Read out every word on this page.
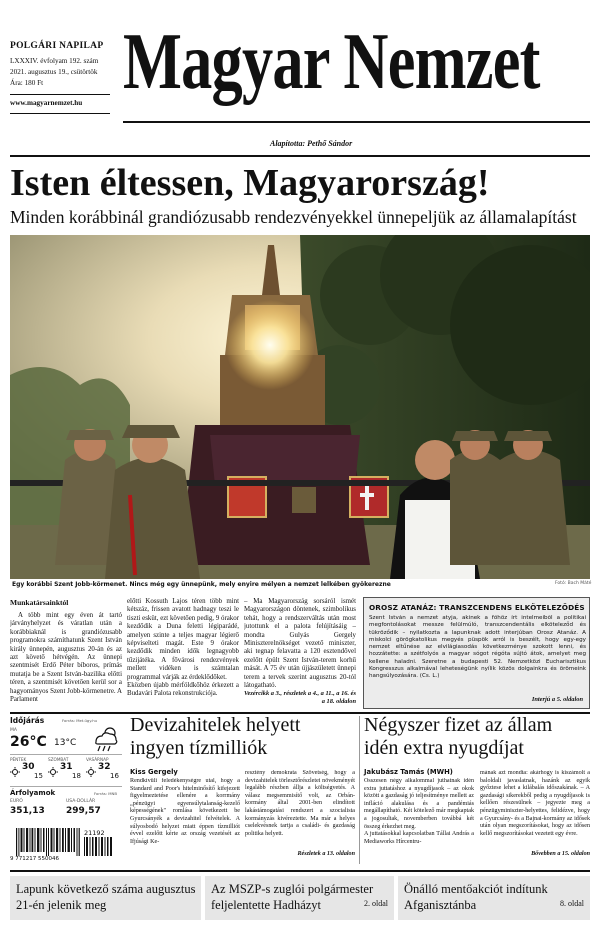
POLGÁRI NAPILAP
LXXXIV. évfolyam 192. szám
2021. augusztus 19., csütörtök
Ára: 180 Ft
www.magyarnemzet.hu Magyar Nemzet
Alapította: Pethő Sándor
Isten éltessen, Magyarország!
Minden korábbinál grandiózusabb rendezvényekkel ünnepeljük az államalapítást
Egy korábbi Szent Jobb-körmenet. Nincs még egy ünnepünk, mely enyire mélyen a nemzet lelkében gyökerezne	Fotó: Bach Máté
Munkatársainktól

A több mint egy éven át tartó járványhelyzet és váratlan után a korábbiaknál is grandiózusabb programokra számíthatunk Szent István király ünnepén, augusztus 20-án és az azt követő hétvégén. Az ünnepi szentmisét Erdő Péter bíboros, prímás mutatja be a Szent István-bazilika előtti téren, a szentmisét követően kerül sor a hagyományos Szent Jobb-körmenetre. A Parlament

előtti Kossuth Lajos téren több mint kétszáz, frissen avatott hadnagy teszi le tiszti esküt, ezt követően pedig, 9 órakor kezdődik a Duna feletti légiparádé, amelyen szinte a teljes magyar légierő képviselteti magát. Este 9 órakor kezdődik minden idők legnagyobb tűzijátéka. A fővárosi rendezvények mellett vidéken is számtalan programmal várják az érdeklődőket.
Eközben újabb mérföldkőhöz érkezett a Budavári Palota rekonstrukciója.
– Ma Magyarország sorsáról ismét Magyarországon döntenek, szimbolikus tehát, hogy a rendszerváltás után most jutottunk el a palota felújításáig – mondta Gulyás Gergely Miniszterelnökséget vezető miniszter, aki tegnap felavatta a 120 esztendővel ezelőtt épült Szent István-terem korhű mását. A 75 év után újjászületett ünnepi terem a tervek szerint augusztus 20-tól látogatható.
Vezércikk a 3., részletek a 4., a 11., a 16. és a 18. oldalon
OROSZ ATANÁZ: TRANSZCENDENS ELKÖTELEZŐDÉS
Szent István a nemzet atyja, akinek a főhöz írt intelmeiből a politikai megfontolásokat messze felülmúló, transzcendentális elköteleződ és tükröződik – nyilatkozta a lapunknak adott interjúban Orosz Atanáz. A miskolci görögkatolikus megyés püspök arról is beszélt, hogy egy-egy nemzet eltűnése az elvilágiasodás következménye szokott lenni, és hozzátette: a szétfolyós a magyar sógot régóta sújtó átok, amelyet meg kellene haladni. Szeretne a budapesti 52. Nemzetközi Eucharisztikus Kongresszus alkalmával leheteségünk nyílik közös dolgainkra és örömeink hangsúlyozására. (Cs. L.)
Interjú a 5. oldalon
Időjárás	Forrás: Met.ügy.hu
MA
26°C 13°C
PÉNTEK
30
15
SZOMBAT
31
18
VASÁRNAP
32
16
Árfolyamok	Forrás: MNB
EURÓ
351,13
USA-DOLLÁR
299,57
21192
9 771217 550046
Devizahitelek helyett ingyen tízmilliók
Kiss Gergely
Rendkívüli feledékenységre utal, hogy a Standard and Poor's hitelminősítő kifejezett figyelmeztetése ellenére a korrmány „pénzügyi egyensúlytalanság-kezelő képességének" romlása következett be Gyurcsányék a devizahitel felvételek. A súlyosbodó helyzet miatt éppen tízmilliót évvel ezelőtt kérte az ország vezetését az Ifjúsági Ke-
resztény demokrata Szövetség, hogy a devizahitelek törlesztőrészletei növekményét legalább részben állja a költségvetés. A válasz megsemmisítő volt, az Orbán-kormány által 2001-ben elindított lakástámogatási rendszert a szocialista kormányzás kivéreztette. Ma már a helyes cselekvésnek tartja a családi- és gazdaság politika helyett.
Részletek a 13. oldalon
Négyszer fizet az állam idén extra nyugdíjat
Jakubász Tamás (MWH)
Összesen négy alkalommal juthatnak idén extra juttatáshoz a nyugdíjasok – az okok között a gazdaság jó teljesítménye mellett az infláció alakulása és a pandémiás megállapítható. Két kötelező már megkaptak a jogosultak, novemberben továbbá két összeg érkezhet meg.
A juttatásokkal kapcsolatban Tállai András a Mediaworks Hírcentru-
mának azt mondta: akárhogy is kiszámolt a baloldali javaslatnak, hazánk az egyik győztese lehet a kilábalás időszakának. – A gazdasági sikerekből pedig a nyugdíjasok is kellően részesülnek – jegyezte meg a pénzügyminiszter-helyettes, felidézve, hogy a Gyurcsány- és a Bajnai-kormány az idősek után olyan megszorításokat, hogy az idősen kellő megszorításokat vezetett egy évre.
Bővebben a 15. oldalon
Lapunk következő száma augusztus 21-én jelenik meg
Az MSZP-s zuglói polgármester feljelentette Hadházyt	2. oldal
Önálló mentőakciót indítunk Afganisztánba	8. oldal
